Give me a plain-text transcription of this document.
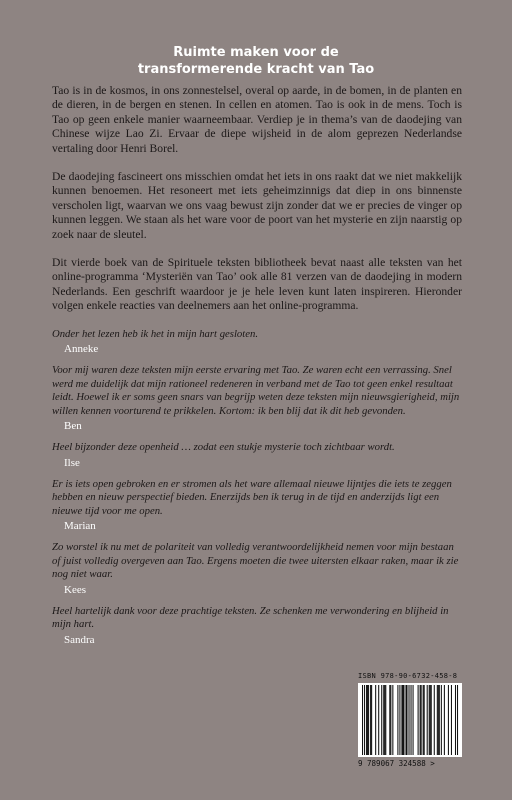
Ruimte maken voor de
transformerende kracht van Tao

Tao is in de kosmos, in ons zonnestelsel, overal op aarde, in de bomen, in de planten en de dieren, in de bergen en stenen. In cellen en atomen. Tao is ook in de mens. Toch is Tao op geen enkele manier waarneembaar. Verdiep je in thema’s van de daodejing van Chinese wijze Lao Zi. Ervaar de diepe wijsheid in de alom geprezen Nederlandse vertaling door Henri Borel.

De daodejing fascineert ons misschien omdat het iets in ons raakt dat we niet makkelijk kunnen benoemen. Het resoneert met iets geheimzinnigs dat diep in ons binnenste verscholen ligt, waarvan we ons vaag bewust zijn zonder dat we er precies de vinger op kunnen leggen. We staan als het ware voor de poort van het mysterie en zijn naarstig op zoek naar de sleutel.

Dit vierde boek van de Spirituele teksten bibliotheek bevat naast alle teksten van het online-programma ‘Mysteriën van Tao’ ook alle 81 verzen van de daodejing in modern Nederlands. Een geschrift waardoor je je hele leven kunt laten inspireren. Hieronder volgen enkele reacties van deelnemers aan het online-programma.

Onder het lezen heb ik het in mijn hart gesloten.

Anneke

Voor mij waren deze teksten mijn eerste ervaring met Tao. Ze waren echt een verrassing. Snel werd me duidelijk dat mijn rationeel redeneren in verband met de Tao tot geen enkel resultaat leidt. Hoewel ik er soms geen snars van begrijp weten deze teksten mijn nieuwsgierigheid, mijn willen kennen voorturend te prikkelen. Kortom: ik ben blij dat ik dit heb gevonden.

Ben

Heel bijzonder deze openheid … zodat een stukje mysterie toch zichtbaar wordt.

Ilse

Er is iets open gebroken en er stromen als het ware allemaal nieuwe lijntjes die iets te zeggen hebben en nieuw perspectief bieden. Enerzijds ben ik terug in de tijd en anderzijds ligt een nieuwe tijd voor me open.

Marian

Zo worstel ik nu met de polariteit van volledig verantwoordelijkheid nemen voor mijn bestaan of juist volledig overgeven aan Tao. Ergens moeten die twee uitersten elkaar raken, maar ik zie nog niet waar.

Kees

Heel hartelijk dank voor deze prachtige teksten. Ze schenken me verwondering en blijheid in mijn hart.

Sandra
ISBN 978-90-6732-458-8
9 789067 324588 >
